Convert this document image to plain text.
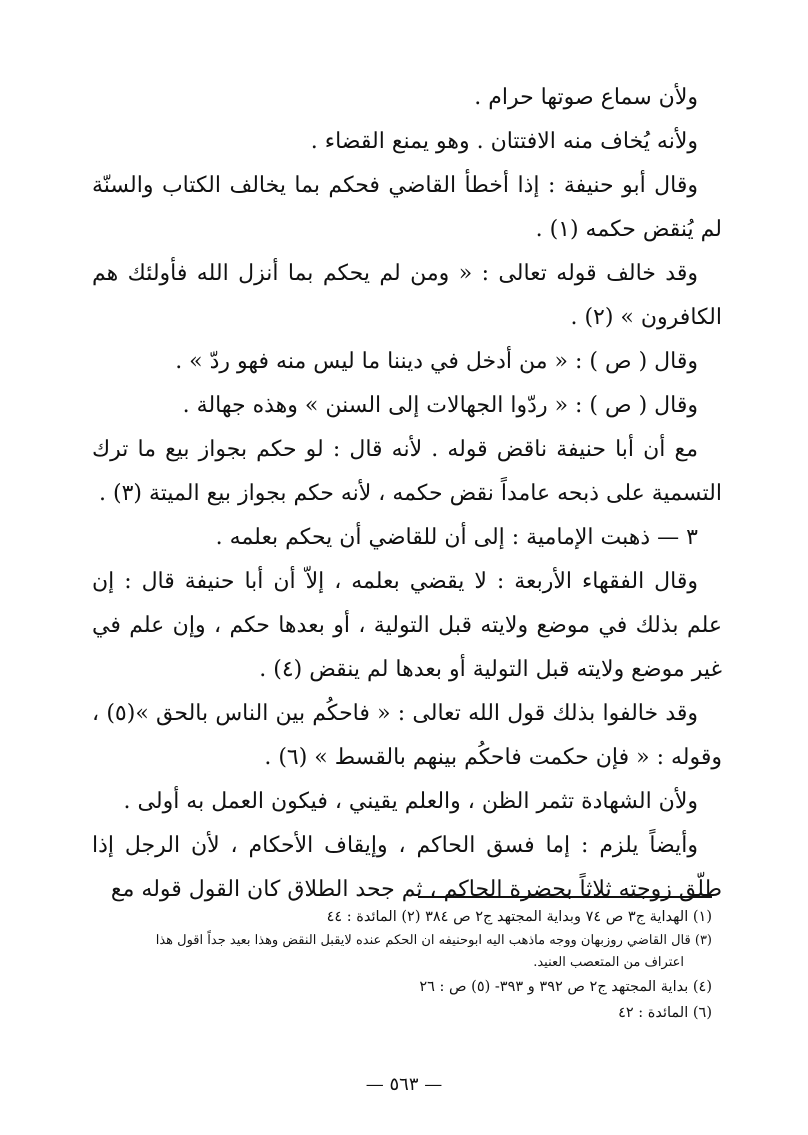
ولأن سماع صوتها حرام .

ولأنه يُخاف منه الافتتان . وهو يمنع القضاء .

وقال أبو حنيفة : إذا أخطأ القاضي فحكم بما يخالف الكتاب والسنّة لم يُنقض حكمه (١) .

وقد خالف قوله تعالى : « ومن لم يحكم بما أنزل الله فأولئك هم الكافرون » (٢) .

وقال ( ص ) : « من أدخل في ديننا ما ليس منه فهو ردّ » .

وقال ( ص ) : « ردّوا الجهالات إلى السنن » وهذه جهالة .

مع أن أبا حنيفة ناقض قوله . لأنه قال : لو حكم بجواز بيع ما ترك التسمية على ذبحه عامداً نقض حكمه ، لأنه حكم بجواز بيع الميتة (٣) .

٣ — ذهبت الإمامية : إلى أن للقاضي أن يحكم بعلمه .

وقال الفقهاء الأربعة : لا يقضي بعلمه ، إلاّ أن أبا حنيفة قال : إن علم بذلك في موضع ولايته قبل التولية ، أو بعدها حكم ، وإن علم في غير موضع ولايته قبل التولية أو بعدها لم ينقض (٤) .

وقد خالفوا بذلك قول الله تعالى : « فاحكُم بين الناس بالحق »(٥) ، وقوله : « فإن حكمت فاحكُم بينهم بالقسط » (٦) .

ولأن الشهادة تثمر الظن ، والعلم يقيني ، فيكون العمل به أولى .

وأيضاً يلزم : إما فسق الحاكم ، وإيقاف الأحكام ، لأن الرجل إذا طلّق زوجته ثلاثاً بحضرة الحاكم ، ثم جحد الطلاق كان القول قوله مع

(١) الهداية ج٣ ص ٧٤ وبداية المجتهد ج٢ ص ٣٨٤ (٢) المائدة : ٤٤

(٣) قال القاضي روزبهان ووجه ماذهب اليه ابوحنيفه ان الحكم عنده لايقبل النقض وهذا بعيد جداً اقول هذا

اعتراف من المتعصب العنيد.

(٤) بداية المجتهد ج٢ ص ٣٩٢ و ٣٩٣- (٥) ص : ٢٦

(٦) المائدة : ٤٢

— ٥٦٣ —
